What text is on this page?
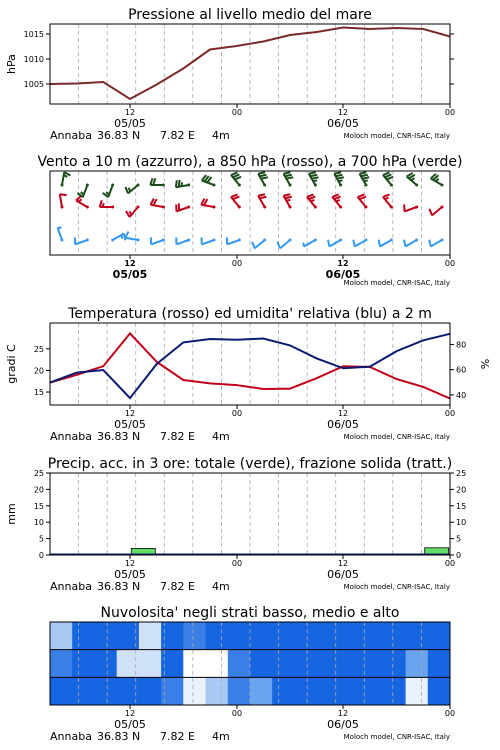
Pressione al livello medio del mare
1005
1010
1015
hPa
12
05/05
00	12
06/05
00
Annaba 36.83 N 7.82 E 4m	Moloch model, CNR-ISAC, Italy
Vento a 10 m (azzurro), a 850 hPa (rosso), a 700 hPa (verde)
12
05/05
00	12
06/05
00
Moloch model, CNR-ISAC, Italy
Temperatura (rosso) ed umidita' relativa (blu) a 2 m
15
20
25
40
60
80
gradi C	%
12
05/05
00	12
06/05
00
Annaba 36.83 N 7.82 E 4m	Moloch model, CNR-ISAC, Italy
Precip. acc. in 3 ore: totale (verde), frazione solida (tratt.)
0	0
5	5
10	10
15	15
20	20
25	25
mm
12
05/05
00	12
06/05
00
Annaba 36.83 N 7.82 E 4m	Moloch model, CNR-ISAC, Italy
Nuvolosita' negli strati basso, medio e alto
12
05/05
00	12
06/05
00
Annaba 36.83 N 7.82 E 4m	Moloch model, CNR-ISAC, Italy
